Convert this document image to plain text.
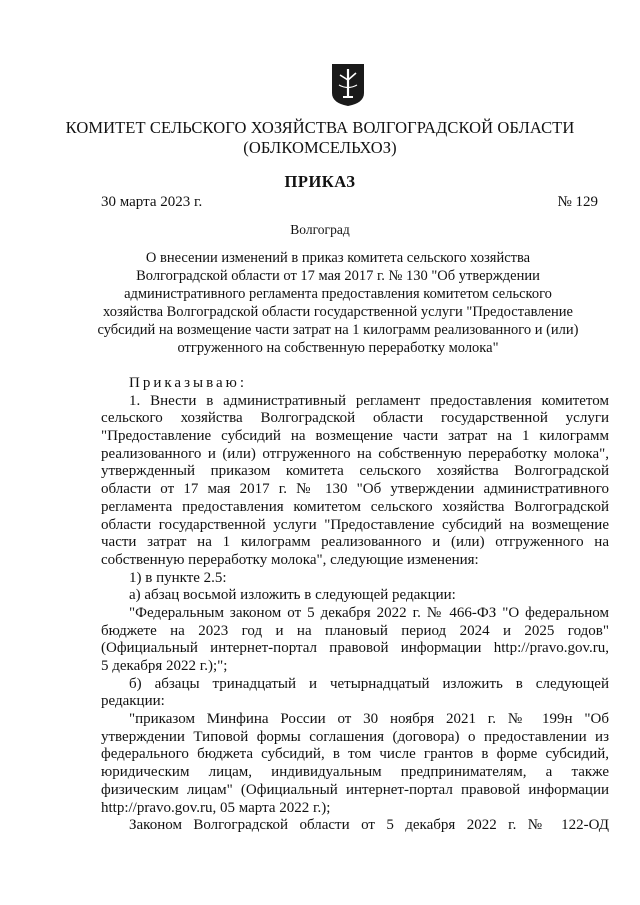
КОМИТЕТ СЕЛЬСКОГО ХОЗЯЙСТВА ВОЛГОГРАДСКОЙ ОБЛАСТИ
(ОБЛКОМСЕЛЬХОЗ)
ПРИКАЗ
30 марта 2023 г.	№ 129
Волгоград
О внесении изменений в приказ комитета сельского хозяйства
Волгоградской области от 17 мая 2017 г. № 130 "Об утверждении
административного регламента предоставления комитетом сельского
хозяйства Волгоградской области государственной услуги "Предоставление
субсидий на возмещение части затрат на 1 килограмм реализованного и (или)
отгруженного на собственную переработку молока"
Приказываю:
1. Внести в административный регламент предоставления комитетом
сельского хозяйства Волгоградской области государственной услуги
"Предоставление субсидий на возмещение части затрат на 1 килограмм
реализованного и (или) отгруженного на собственную переработку молока",
утвержденный приказом комитета сельского хозяйства Волгоградской
области от 17 мая 2017 г. № 130 "Об утверждении административного
регламента предоставления комитетом сельского хозяйства Волгоградской
области государственной услуги "Предоставление субсидий на возмещение
части затрат на 1 килограмм реализованного и (или) отгруженного на
собственную переработку молока", следующие изменения:
1) в пункте 2.5:
а) абзац восьмой изложить в следующей редакции:
"Федеральным законом от 5 декабря 2022 г. № 466-ФЗ "О федеральном
бюджете на 2023 год и на плановый период 2024 и 2025 годов"
(Официальный интернет-портал правовой информации http://pravo.gov.ru,
5 декабря 2022 г.);";
б) абзацы тринадцатый и четырнадцатый изложить в следующей
редакции:
"приказом Минфина России от 30 ноября 2021 г. № 199н "Об
утверждении Типовой формы соглашения (договора) о предоставлении из
федерального бюджета субсидий, в том числе грантов в форме субсидий,
юридическим лицам, индивидуальным предпринимателям, а также
физическим лицам" (Официальный интернет-портал правовой информации
http://pravo.gov.ru, 05 марта 2022 г.);
Законом Волгоградской области от 5 декабря 2022 г. № 122-ОД
